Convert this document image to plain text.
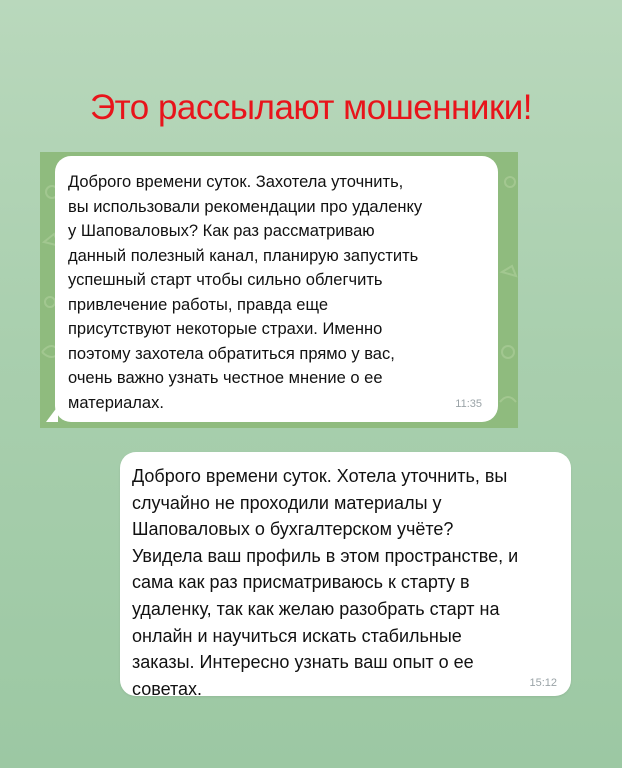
Это рассылают мошенники!
Доброго времени суток. Захотела уточнить,
вы использовали рекомендации про удаленку
у Шаповаловых? Как раз рассматриваю
данный полезный канал, планирую запустить
успешный старт чтобы сильно облегчить
привлечение работы, правда еще
присутствуют некоторые страхи. Именно
поэтому захотела обратиться прямо у вас,
очень важно узнать честное мнение о ее
материалах.	11:35
Доброго времени суток. Хотела уточнить, вы
случайно не проходили материалы у
Шаповаловых о бухгалтерском учёте?
Увидела ваш профиль в этом пространстве, и
сама как раз присматриваюсь к старту в
удаленку, так как желаю разобрать старт на
онлайн и научиться искать стабильные
заказы. Интересно узнать ваш опыт о ее
советах.	15:12
